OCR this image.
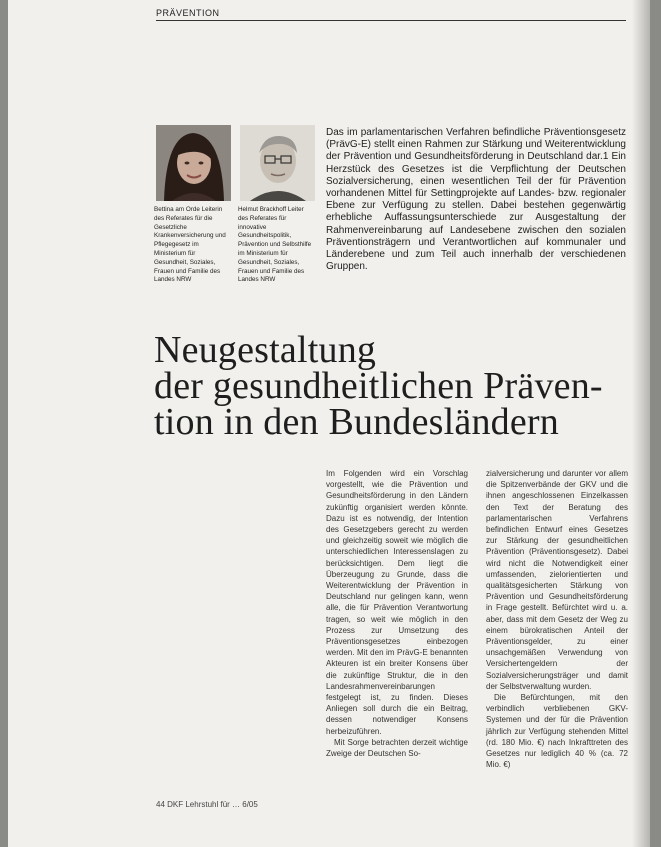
PRÄVENTION
Bettina am Orde Leiterin des Referates für die Gesetzliche Krankenversicherung und Pflegegesetz im Ministerium für Gesundheit, Soziales, Frauen und Familie des Landes NRW
Helmut Brackhoff Leiter des Referates für innovative Gesundheitspolitik, Prävention und Selbsthilfe im Ministerium für Gesundheit, Soziales, Frauen und Familie des Landes NRW
Das im parlamentarischen Verfahren befindliche Präventionsgesetz (PrävG-E) stellt einen Rahmen zur Stärkung und Weiterentwicklung der Prävention und Gesundheitsförderung in Deutschland dar.1 Ein Herzstück des Gesetzes ist die Verpflichtung der Deutschen Sozialversicherung, einen wesentlichen Teil der für Prävention vorhandenen Mittel für Settingprojekte auf Landes- bzw. regionaler Ebene zur Verfügung zu stellen. Dabei bestehen gegenwärtig erhebliche Auffassungsunterschiede zur Ausgestaltung der Rahmenvereinbarung auf Landesebene zwischen den sozialen Präventionsträgern und Verantwortlichen auf kommunaler und Länderebene und zum Teil auch innerhalb der verschiedenen Gruppen.
Neugestaltung
der gesundheitlichen Präven-
tion in den Bundesländern

Im Folgenden wird ein Vorschlag vorgestellt, wie die Prävention und Gesundheitsförderung in den Ländern zukünftig organisiert werden könnte. Dazu ist es notwendig, der Intention des Gesetzgebers gerecht zu werden und gleichzeitig soweit wie möglich die unterschiedlichen Interessenslagen zu berücksichtigen. Dem liegt die Überzeugung zu Grunde, dass die Weiterentwicklung der Prävention in Deutschland nur gelingen kann, wenn alle, die für Prävention Verantwortung tragen, so weit wie möglich in den Prozess zur Umsetzung des Präventionsgesetzes einbezogen werden. Mit den im PrävG-E benannten Akteuren ist ein breiter Konsens über die zukünftige Struktur, die in den Landesrahmenvereinbarungen festgelegt ist, zu finden. Dieses Anliegen soll durch die ein Beitrag, dessen notwendiger Konsens herbeizuführen.

Mit Sorge betrachten derzeit wichtige Zweige der Deutschen So-

zialversicherung und darunter vor allem die Spitzenverbände der GKV und die ihnen angeschlossenen Einzelkassen den Text der Beratung des parlamentarischen Verfahrens befindlichen Entwurf eines Gesetzes zur Stärkung der gesundheitlichen Prävention (Präventionsgesetz). Dabei wird nicht die Notwendigkeit einer umfassenden, zielorientierten und qualitätsgesicherten Stärkung von Prävention und Gesundheitsförderung in Frage gestellt. Befürchtet wird u. a. aber, dass mit dem Gesetz der Weg zu einem bürokratischen Anteil der Präventionsgelder, zu einer unsachgemäßen Verwendung von Versichertengeldern der Sozialversicherungsträger und damit der Selbstverwaltung wurden.

Die Befürchtungen, mit den verbindlich verbliebenen GKV-Systemen und der für die Prävention jährlich zur Verfügung stehenden Mittel (rd. 180 Mio. €) nach Inkrafttreten des Gesetzes nur lediglich 40 % (ca. 72 Mio. €)

44 DKF Lehrstuhl für … 6/05
